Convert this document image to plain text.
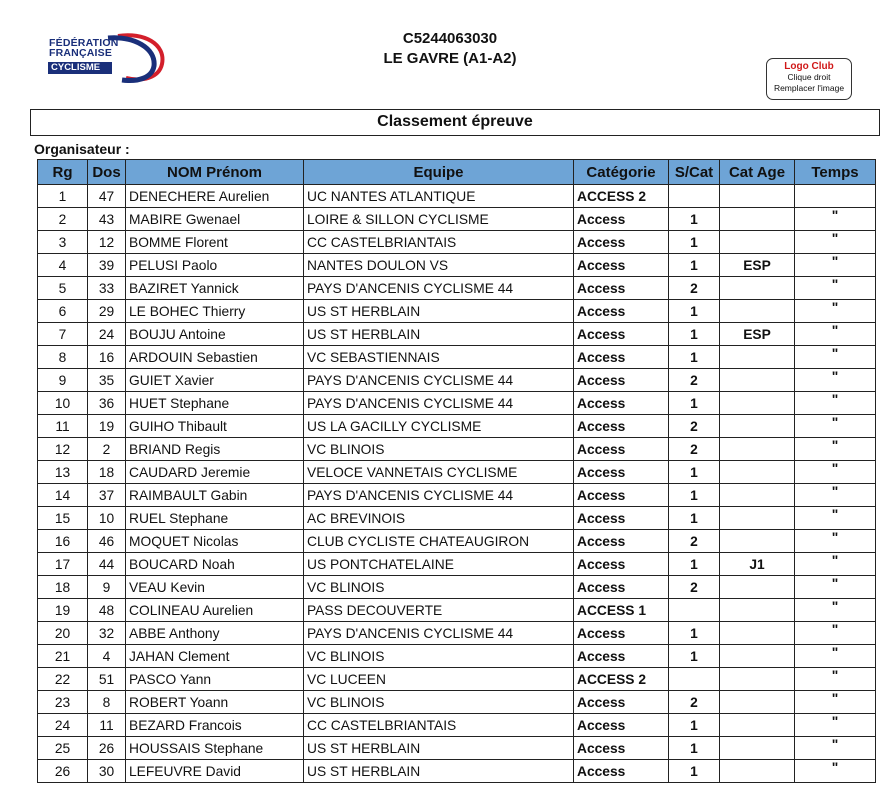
FÉDÉRATION
FRANÇAISE
CYCLISME
C5244063030
LE GAVRE (A1-A2)	Logo Club
Clique droit
Remplacer l'image
Classement épreuve
Organisateur :
Rg	Dos	NOM Prénom	Equipe	Catégorie	S/Cat	Cat Age	Temps
1	47	DENECHERE Aurelien	UC NANTES ATLANTIQUE	ACCESS 2			
2	43	MABIRE Gwenael	LOIRE & SILLON CYCLISME	Access	1		"
3	12	BOMME Florent	CC CASTELBRIANTAIS	Access	1		"
4	39	PELUSI Paolo	NANTES DOULON VS	Access	1	ESP	"
5	33	BAZIRET Yannick	PAYS D'ANCENIS CYCLISME 44	Access	2		"
6	29	LE BOHEC Thierry	US ST HERBLAIN	Access	1		"
7	24	BOUJU Antoine	US ST HERBLAIN	Access	1	ESP	"
8	16	ARDOUIN Sebastien	VC SEBASTIENNAIS	Access	1		"
9	35	GUIET Xavier	PAYS D'ANCENIS CYCLISME 44	Access	2		"
10	36	HUET Stephane	PAYS D'ANCENIS CYCLISME 44	Access	1		"
11	19	GUIHO Thibault	US LA GACILLY CYCLISME	Access	2		"
12	2	BRIAND Regis	VC BLINOIS	Access	2		"
13	18	CAUDARD Jeremie	VELOCE VANNETAIS CYCLISME	Access	1		"
14	37	RAIMBAULT Gabin	PAYS D'ANCENIS CYCLISME 44	Access	1		"
15	10	RUEL Stephane	AC BREVINOIS	Access	1		"
16	46	MOQUET Nicolas	CLUB CYCLISTE CHATEAUGIRON	Access	2		"
17	44	BOUCARD Noah	US PONTCHATELAINE	Access	1	J1	"
18	9	VEAU Kevin	VC BLINOIS	Access	2		"
19	48	COLINEAU Aurelien	PASS DECOUVERTE	ACCESS 1			"
20	32	ABBE Anthony	PAYS D'ANCENIS CYCLISME 44	Access	1		"
21	4	JAHAN Clement	VC BLINOIS	Access	1		"
22	51	PASCO Yann	VC LUCEEN	ACCESS 2			"
23	8	ROBERT Yoann	VC BLINOIS	Access	2		"
24	11	BEZARD Francois	CC CASTELBRIANTAIS	Access	1		"
25	26	HOUSSAIS Stephane	US ST HERBLAIN	Access	1		"
26	30	LEFEUVRE David	US ST HERBLAIN	Access	1		"
